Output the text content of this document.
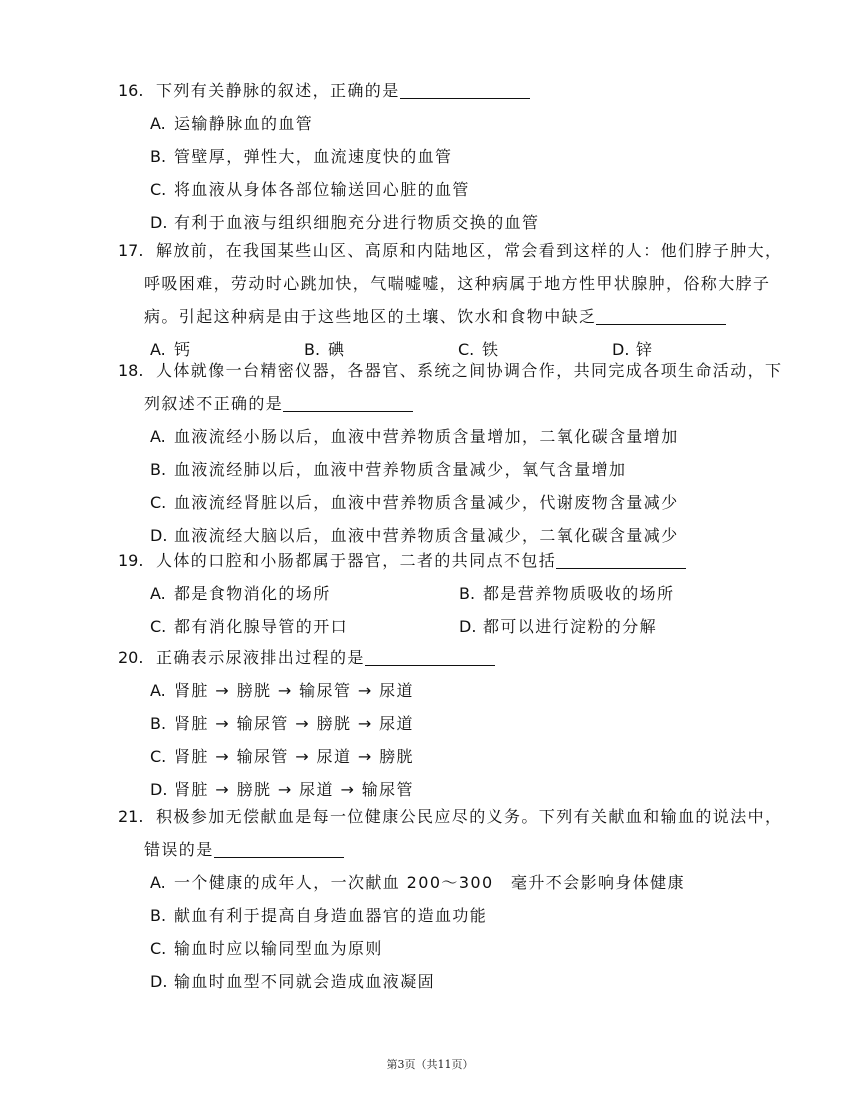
16. 下列有关静脉的叙述，正确的是
A. 运输静脉血的血管
B. 管壁厚，弹性大，血流速度快的血管
C. 将血液从身体各部位输送回心脏的血管
D. 有利于血液与组织细胞充分进行物质交换的血管
17. 解放前，在我国某些山区、高原和内陆地区，常会看到这样的人：他们脖子肿大，
呼吸困难，劳动时心跳加快，气喘嘘嘘，这种病属于地方性甲状腺肿，俗称大脖子
病。引起这种病是由于这些地区的土壤、饮水和食物中缺乏
A. 钙	B. 碘	C. 铁	D. 锌
18. 人体就像一台精密仪器，各器官、系统之间协调合作，共同完成各项生命活动，下
列叙述不正确的是
A. 血液流经小肠以后，血液中营养物质含量增加，二氧化碳含量增加
B. 血液流经肺以后，血液中营养物质含量减少，氧气含量增加
C. 血液流经肾脏以后，血液中营养物质含量减少，代谢废物含量减少
D. 血液流经大脑以后，血液中营养物质含量减少，二氧化碳含量减少
19. 人体的口腔和小肠都属于器官，二者的共同点不包括
A. 都是食物消化的场所	B. 都是营养物质吸收的场所
C. 都有消化腺导管的开口	D. 都可以进行淀粉的分解
20. 正确表示尿液排出过程的是
A. 肾脏 → 膀胱 → 输尿管 → 尿道
B. 肾脏 → 输尿管 → 膀胱 → 尿道
C. 肾脏 → 输尿管 → 尿道 → 膀胱
D. 肾脏 → 膀胱 → 尿道 → 输尿管
21. 积极参加无偿献血是每一位健康公民应尽的义务。下列有关献血和输血的说法中，
错误的是
A. 一个健康的成年人，一次献血 200～300　毫升不会影响身体健康
B. 献血有利于提高自身造血器官的造血功能
C. 输血时应以输同型血为原则
D. 输血时血型不同就会造成血液凝固
第3页（共11页）
